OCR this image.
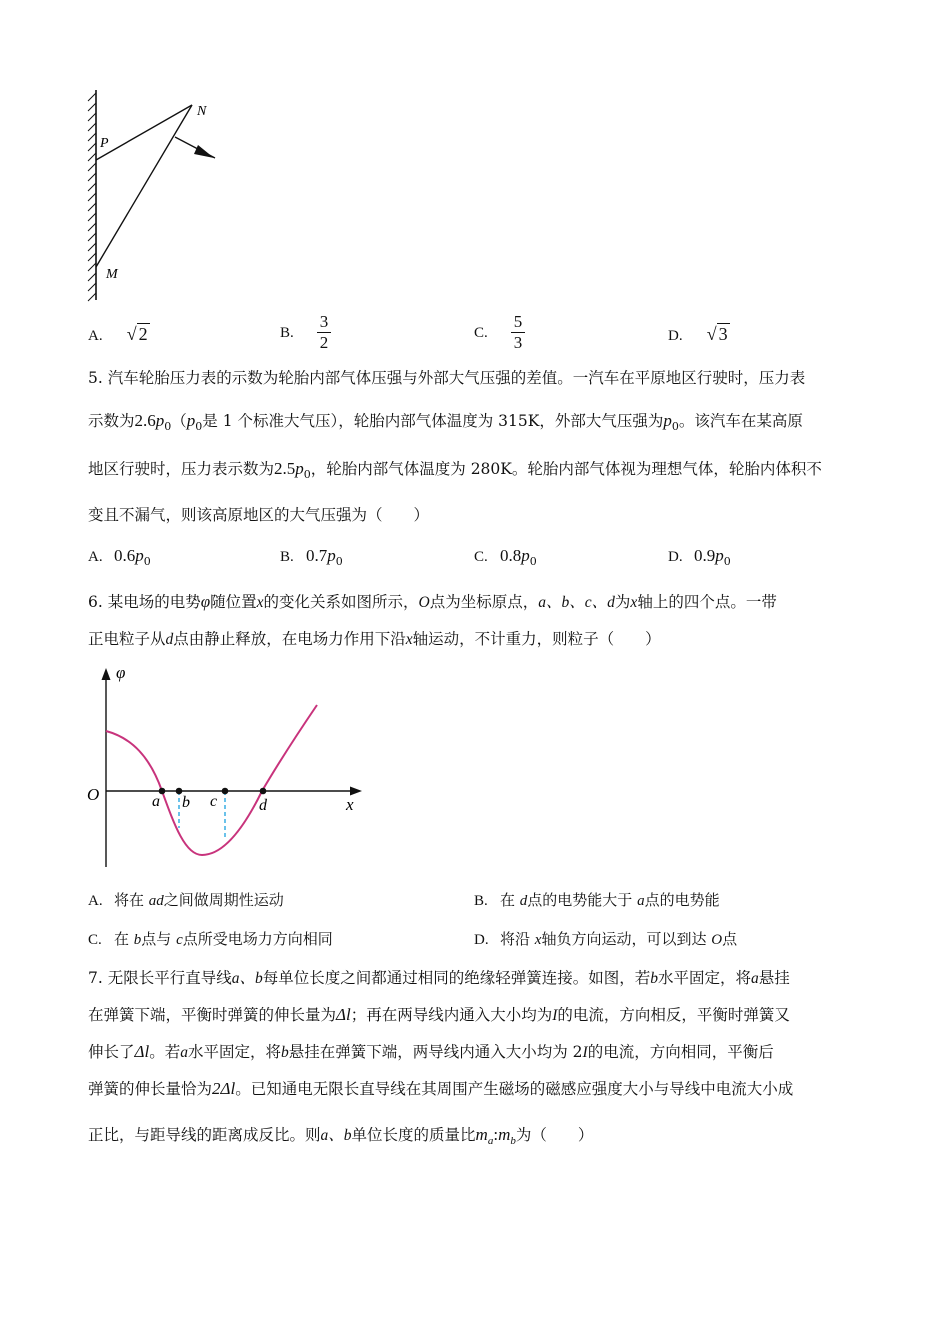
P
N
M
A. √ 2	B. $\frac{3}{2}$	C. $\frac{5}{3}$	D. √ 3
5. 汽车轮胎压力表的示数为轮胎内部气体压强与外部大气压强的差值。一汽车在平原地区行驶时，压力表
示数为$2.6p_0(p_0$是 1 个标准大气压），轮胎内部气体温度为 315K，外部大气压强为$p_0$。该汽车在某高原
地区行驶时，压力表示数为$2.5p_0$，轮胎内部气体温度为 280K。轮胎内部气体视为理想气体，轮胎内体积不
变且不漏气，则该高原地区的大气压强为（　　）
A. $0.6p_0$	B. $0.7p_0$	C. $0.8p_0$	D. $0.9p_0$
6. 某电场的电势φ随位置x的变化关系如图所示，O点为坐标原点，a、b、c、d为x轴上的四个点。一带
正电粒子从d点由静止释放，在电场力作用下沿x轴运动，不计重力，则粒子（　　）
φ
O
x
a b c	d
A. 将在 ad之间做周期性运动	B. 在 d点的电势能大于 a点的电势能
C. 在 b点与 c点所受电场力方向相同	D. 将沿 x轴负方向运动，可以到达 O点
7. 无限长平行直导线a、b每单位长度之间都通过相同的绝缘轻弹簧连接。如图，若b水平固定，将a悬挂
在弹簧下端，平衡时弹簧的伸长量为Δl；再在两导线内通入大小均为I的电流，方向相反，平衡时弹簧又
伸长了Δl。若a水平固定，将b悬挂在弹簧下端，两导线内通入大小均为 2I的电流，方向相同，平衡后
弹簧的伸长量恰为2Δl。已知通电无限长直导线在其周围产生磁场的磁感应强度大小与导线中电流大小成
正比，与距导线的距离成反比。则a、b单位长度的质量比$m_a:m_b$为（　　）
